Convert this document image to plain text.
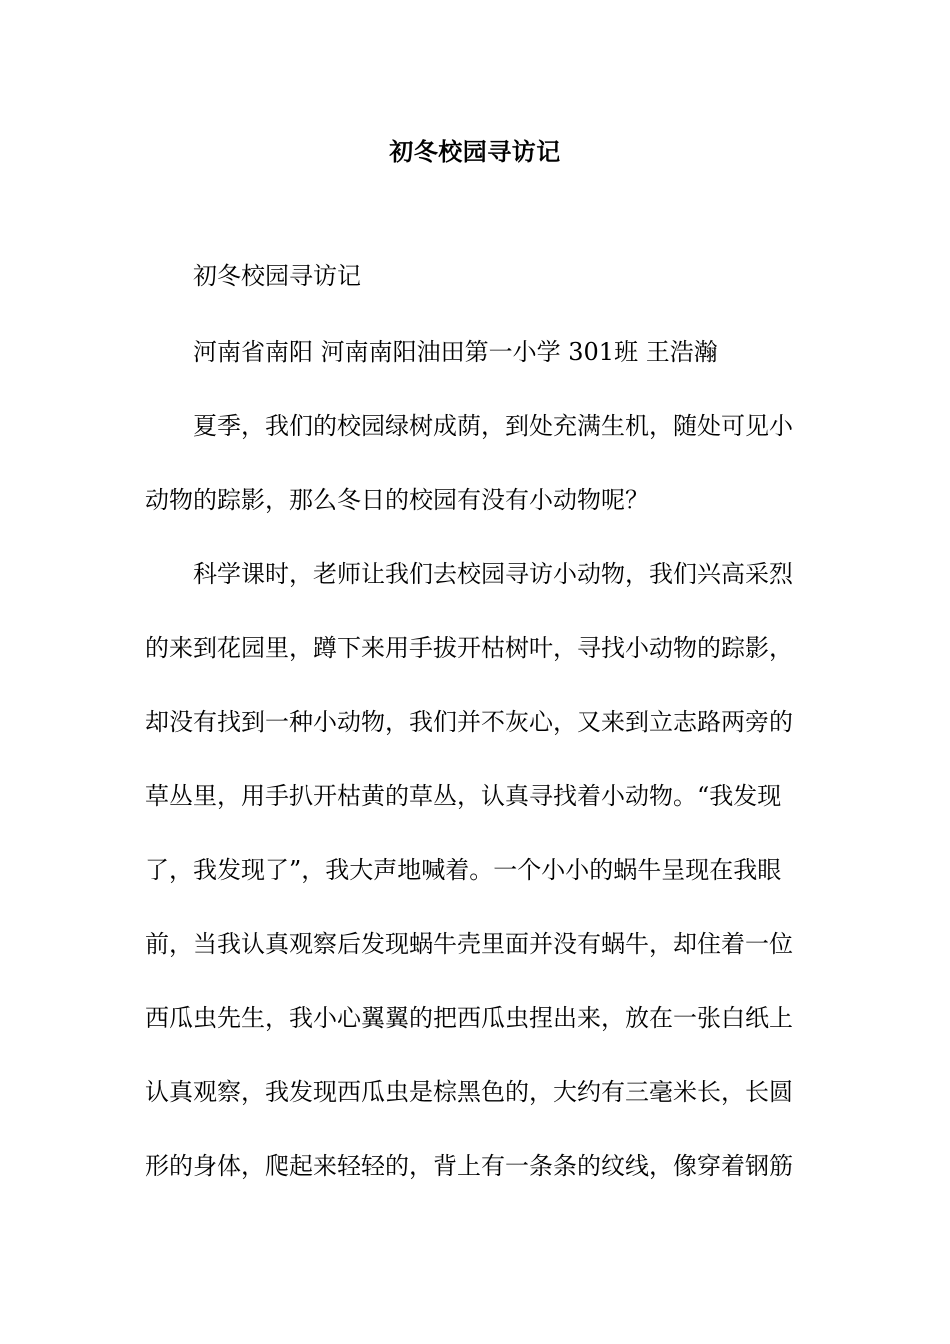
初冬校园寻访记

初冬校园寻访记

河南省南阳 河南南阳油田第一小学 301班 王浩瀚

夏季，我们的校园绿树成荫，到处充满生机，随处可见小

动物的踪影，那么冬日的校园有没有小动物呢？

科学课时，老师让我们去校园寻访小动物，我们兴高采烈

的来到花园里，蹲下来用手拔开枯树叶，寻找小动物的踪影，

却没有找到一种小动物，我们并不灰心，又来到立志路两旁的

草丛里，用手扒开枯黄的草丛，认真寻找着小动物。“我发现

了，我发现了”，我大声地喊着。一个小小的蜗牛呈现在我眼

前，当我认真观察后发现蜗牛壳里面并没有蜗牛，却住着一位

西瓜虫先生，我小心翼翼的把西瓜虫捏出来，放在一张白纸上

认真观察，我发现西瓜虫是棕黑色的，大约有三毫米长，长圆

形的身体，爬起来轻轻的，背上有一条条的纹线，像穿着钢筋
